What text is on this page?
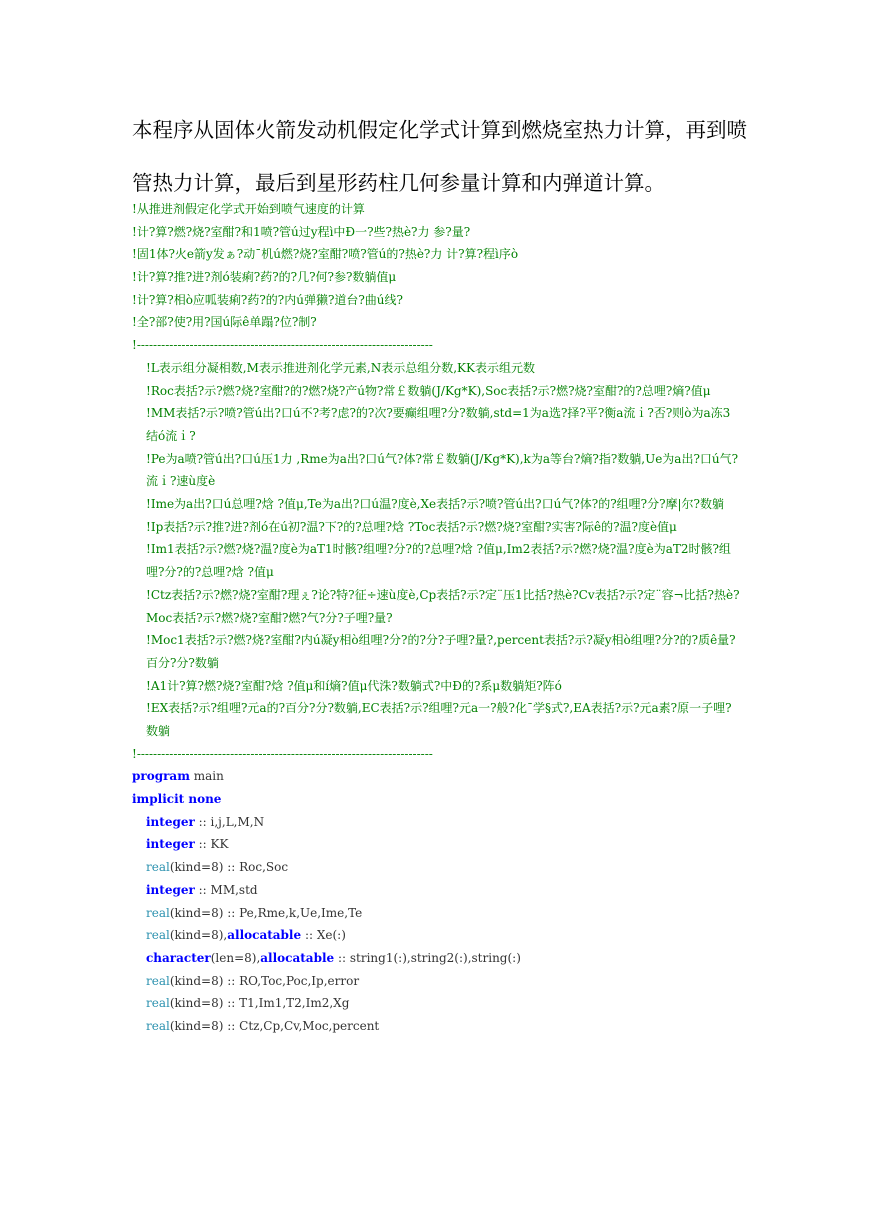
本程序从固体火箭发动机假定化学式计算到燃烧室热力计算，再到喷
管热力计算，最后到星形药柱几何参量计算和内弹道计算。
!从推进剂假定化学式开始到喷气速度的计算
!计?算?燃?烧?室酣?和1喷?管ú过y程ì中Ð一?些?热è?力 参?量?
!固1体?火e箭y发ぁ?动¯机ú燃?烧?室酣?喷?管ú的?热è?力 计?算?程ì序ò
!计?算?推?进?剂ó装痢?药?的?几?何?参?数躺值μ
!计?算?相ò应呱装痢?药?的?内ú弹獭?道台?曲ú线?
!全?部?使?用?国ú际ê单蹋?位?制?
!-------------------------------------------------------------------------
!L表示组分凝相数,M表示推进剂化学元素,N表示总组分数,KK表示组元数
!Roc表括?示?燃?烧?室酣?的?燃?烧?产ú物?常￡数躺(J/Kg*K),Soc表括?示?燃?烧?室酣?的?总哩?熵?值μ
!MM表括?示?喷?管ú出?口ú不?考?虑?的?次?要癫组哩?分?数躺,std=1为a选?择?平?衡a流ｉ?否?则ò为a冻3结ó流ｉ?
!Pe为a喷?管ú出?口ú压1力 ,Rme为a出?口ú气?体?常￡数躺(J/Kg*K),k为a等台?熵?指?数躺,Ue为a出?口ú气?流ｉ?速ù度è
!Ime为a出?口ú总哩?焓 ?值μ,Te为a出?口ú温?度è,Xe表括?示?喷?管ú出?口ú气?体?的?组哩?分?摩|尔?数躺
!Ip表括?示?推?进?剂ó在ú初?温?下?的?总哩?焓 ?Toc表括?示?燃?烧?室酣?实害?际ê的?温?度è值μ
!Im1表括?示?燃?烧?温?度è为aT1时骸?组哩?分?的?总哩?焓 ?值μ,Im2表括?示?燃?烧?温?度è为aT2时骸?组哩?分?的?总哩?焓 ?值μ
!Ctz表括?示?燃?烧?室酣?理ぇ?论?特?征÷速ù度è,Cp表括?示?定¨压1比括?热è?Cv表括?示?定¨容¬比括?热è?Moc表括?示?燃?烧?室酣?燃?气?分?子哩?量?
!Moc1表括?示?燃?烧?室酣?内ú凝y相ò组哩?分?的?分?子哩?量?,percent表括?示?凝y相ò组哩?分?的?质ê量?百分?分?数躺
!A1计?算?燃?烧?室酣?焓 ?值μ和í熵?值μ代洙?数躺式?中Ð的?系μ数躺矩?阵ó
!EX表括?示?组哩?元a的?百分?分?数躺,EC表括?示?组哩?元a一?般?化¯学§式?,EA表括?示?元a素?原一子哩?数躺
!-------------------------------------------------------------------------
program main
implicit none
integer :: i,j,L,M,N
integer :: KK
real(kind=8) :: Roc,Soc
integer :: MM,std
real(kind=8) :: Pe,Rme,k,Ue,Ime,Te
real(kind=8),allocatable :: Xe(:)
character(len=8),allocatable :: string1(:),string2(:),string(:)
real(kind=8) :: RO,Toc,Poc,Ip,error
real(kind=8) :: T1,Im1,T2,Im2,Xg
real(kind=8) :: Ctz,Cp,Cv,Moc,percent
